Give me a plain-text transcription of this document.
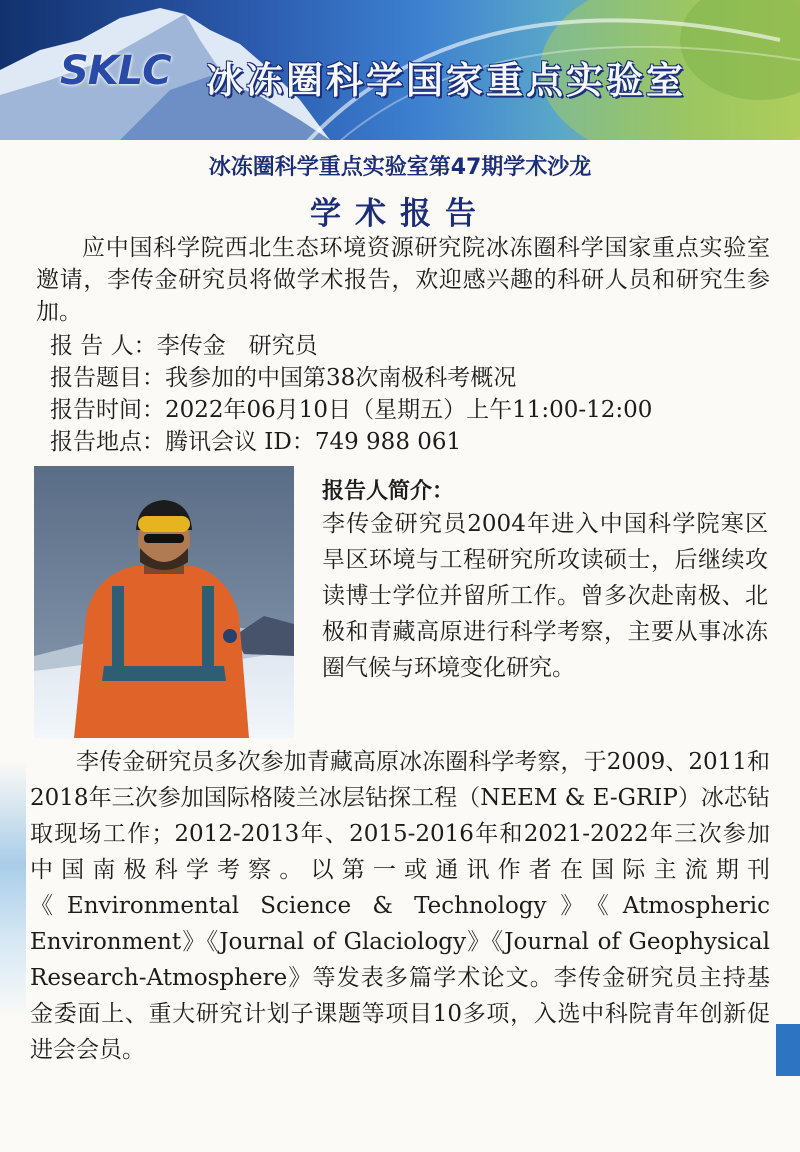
SKLC 冰冻圈科学国家重点实验室
冰冻圈科学重点实验室第47期学术沙龙
学术报告
应中国科学院西北生态环境资源研究院冰冻圈科学国家重点实验室邀请，李传金研究员将做学术报告，欢迎感兴趣的科研人员和研究生参加。
报 告 人：李传金　研究员
报告题目：我参加的中国第38次南极科考概况
报告时间：2022年06月10日（星期五）上午11:00-12:00
报告地点：腾讯会议 ID：749 988 061
报告人简介：
李传金研究员2004年进入中国科学院寒区旱区环境与工程研究所攻读硕士，后继续攻读博士学位并留所工作。曾多次赴南极、北极和青藏高原进行科学考察，主要从事冰冻圈气候与环境变化研究。
李传金研究员多次参加青藏高原冰冻圈科学考察，于2009、2011和2018年三次参加国际格陵兰冰层钻探工程（NEEM & E-GRIP）冰芯钻取现场工作；2012-2013年、2015-2016年和2021-2022年三次参加中国南极科学考察。以第一或通讯作者在国际主流期刊《Environmental Science & Technology》《Atmospheric Environment》《Journal of Glaciology》《Journal of Geophysical Research-Atmosphere》等发表多篇学术论文。李传金研究员主持基金委面上、重大研究计划子课题等项目10多项，入选中科院青年创新促进会会员。
